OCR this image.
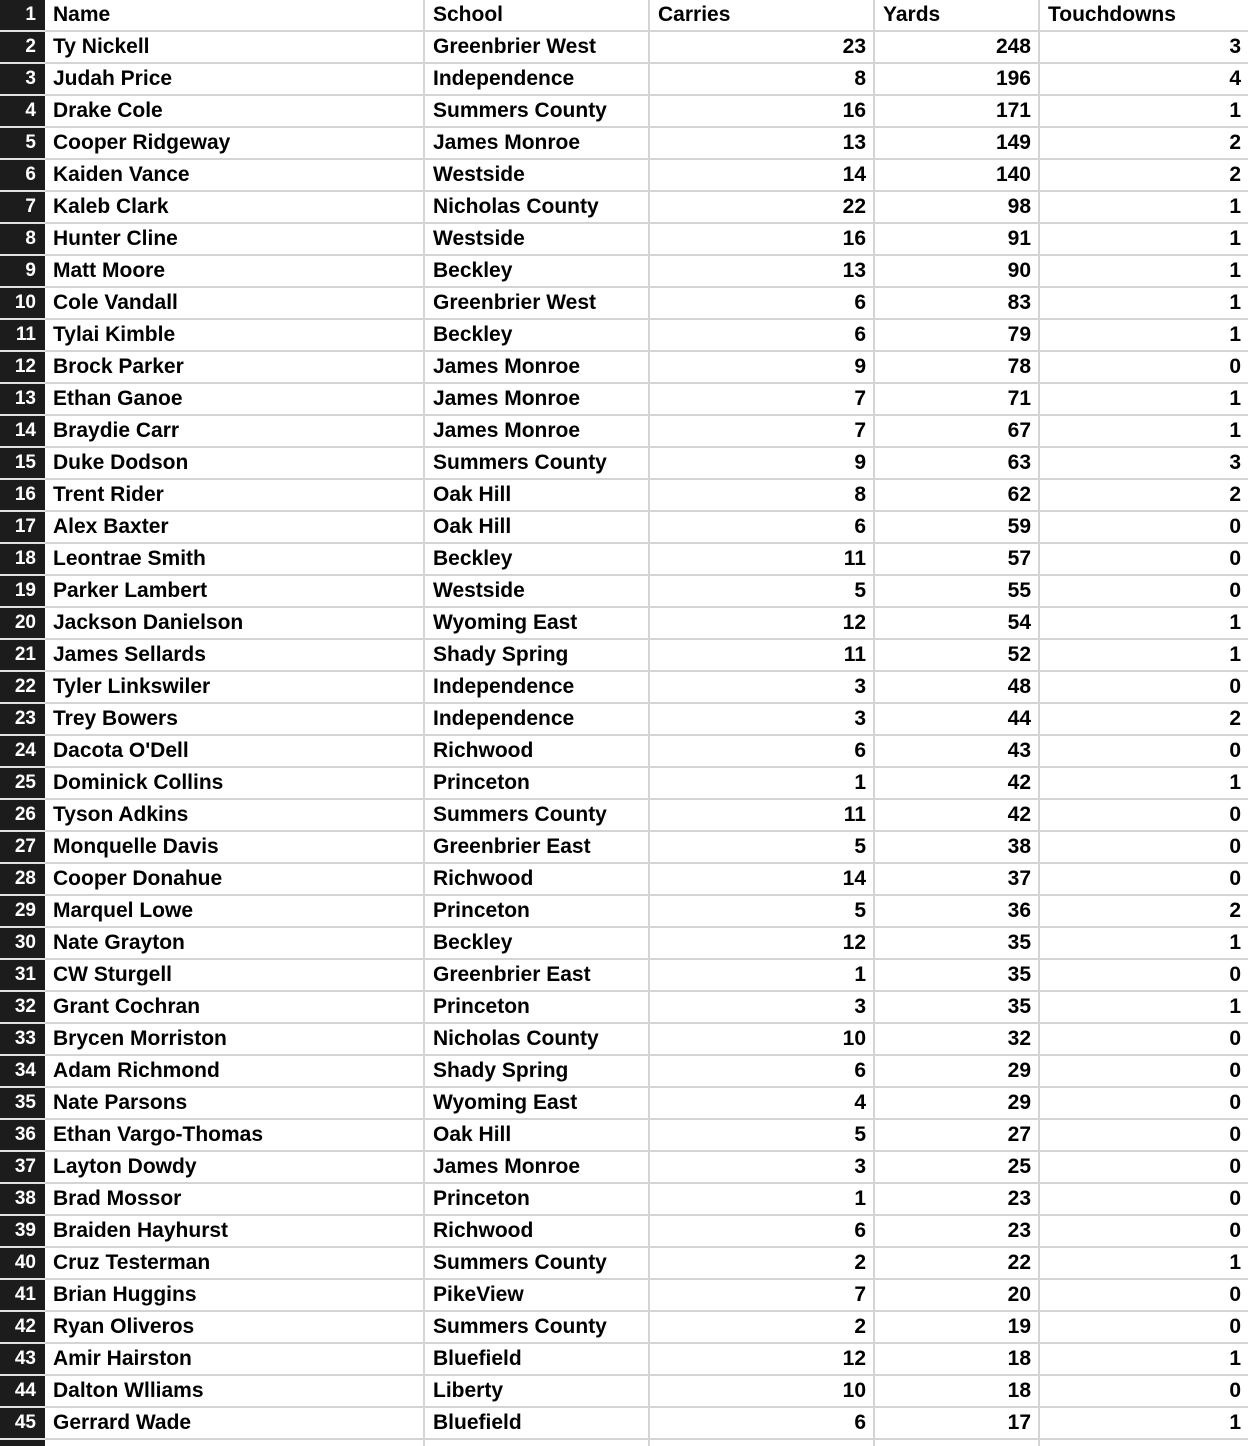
1 Name	School	Carries	Yards	Touchdowns
2 Ty Nickell	Greenbrier West	23	248	3
3 Judah Price	Independence	8	196	4
4 Drake Cole	Summers County	16	171	1
5 Cooper Ridgeway	James Monroe	13	149	2
6 Kaiden Vance	Westside	14	140	2
7 Kaleb Clark	Nicholas County	22	98	1
8 Hunter Cline	Westside	16	91	1
9 Matt Moore	Beckley	13	90	1
10 Cole Vandall	Greenbrier West	6	83	1
11 Tylai Kimble	Beckley	6	79	1
12 Brock Parker	James Monroe	9	78	0
13 Ethan Ganoe	James Monroe	7	71	1
14 Braydie Carr	James Monroe	7	67	1
15 Duke Dodson	Summers County	9	63	3
16 Trent Rider	Oak Hill	8	62	2
17 Alex Baxter	Oak Hill	6	59	0
18 Leontrae Smith	Beckley	11	57	0
19 Parker Lambert	Westside	5	55	0
20 Jackson Danielson	Wyoming East	12	54	1
21 James Sellards	Shady Spring	11	52	1
22 Tyler Linkswiler	Independence	3	48	0
23 Trey Bowers	Independence	3	44	2
24 Dacota O'Dell	Richwood	6	43	0
25 Dominick Collins	Princeton	1	42	1
26 Tyson Adkins	Summers County	11	42	0
27 Monquelle Davis	Greenbrier East	5	38	0
28 Cooper Donahue	Richwood	14	37	0
29 Marquel Lowe	Princeton	5	36	2
30 Nate Grayton	Beckley	12	35	1
31 CW Sturgell	Greenbrier East	1	35	0
32 Grant Cochran	Princeton	3	35	1
33 Brycen Morriston	Nicholas County	10	32	0
34 Adam Richmond	Shady Spring	6	29	0
35 Nate Parsons	Wyoming East	4	29	0
36 Ethan Vargo-Thomas	Oak Hill	5	27	0
37 Layton Dowdy	James Monroe	3	25	0
38 Brad Mossor	Princeton	1	23	0
39 Braiden Hayhurst	Richwood	6	23	0
40 Cruz Testerman	Summers County	2	22	1
41 Brian Huggins	PikeView	7	20	0
42 Ryan Oliveros	Summers County	2	19	0
43 Amir Hairston	Bluefield	12	18	1
44 Dalton Wlliams	Liberty	10	18	0
45 Gerrard Wade	Bluefield	6	17	1
